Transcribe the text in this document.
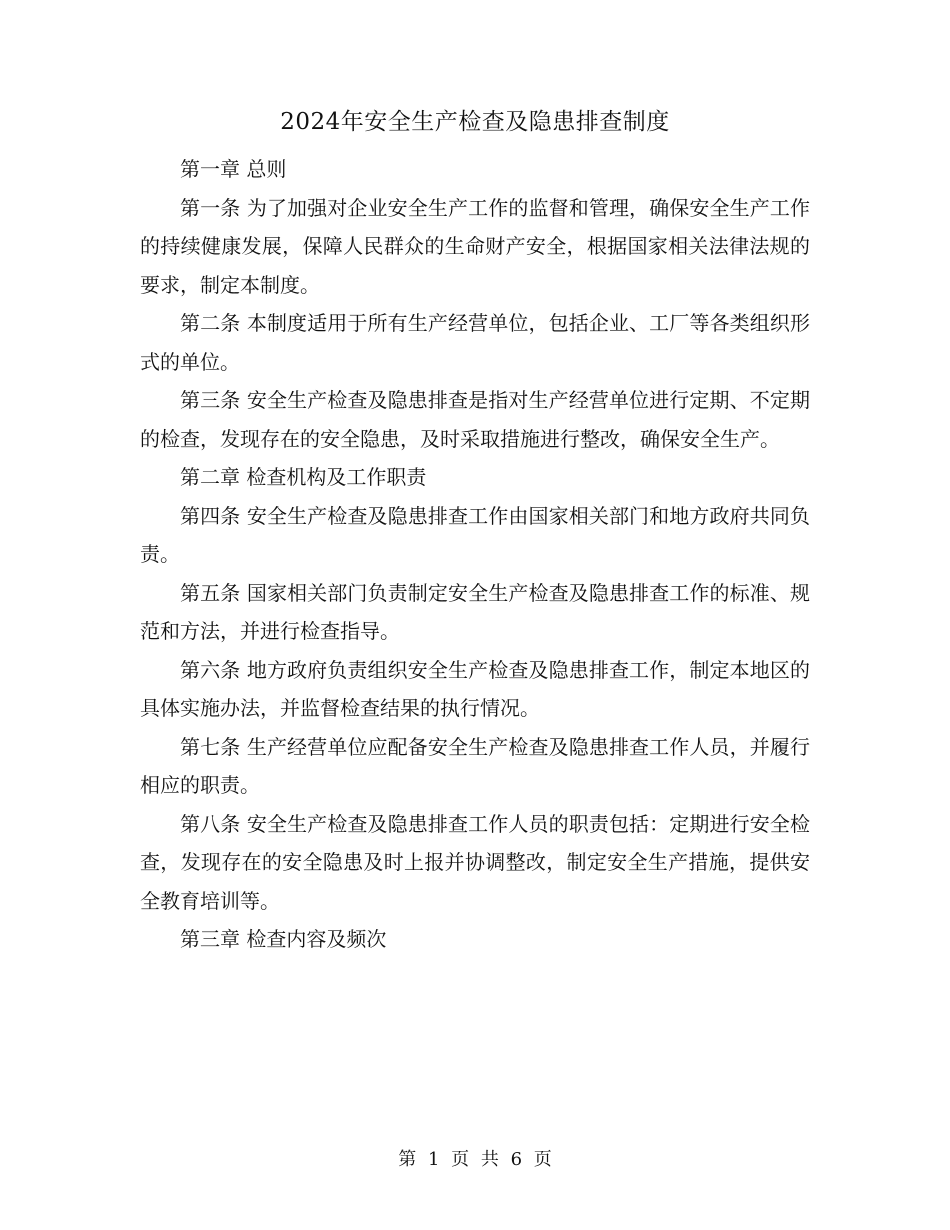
2024年安全生产检查及隐患排查制度

第一章 总则

第一条 为了加强对企业安全生产工作的监督和管理，确保安全生产工作的持续健康发展，保障人民群众的生命财产安全，根据国家相关法律法规的要求，制定本制度。

第二条 本制度适用于所有生产经营单位，包括企业、工厂等各类组织形式的单位。

第三条 安全生产检查及隐患排查是指对生产经营单位进行定期、不定期的检查，发现存在的安全隐患，及时采取措施进行整改，确保安全生产。

第二章 检查机构及工作职责

第四条 安全生产检查及隐患排查工作由国家相关部门和地方政府共同负责。

第五条 国家相关部门负责制定安全生产检查及隐患排查工作的标准、规范和方法，并进行检查指导。

第六条 地方政府负责组织安全生产检查及隐患排查工作，制定本地区的具体实施办法，并监督检查结果的执行情况。

第七条 生产经营单位应配备安全生产检查及隐患排查工作人员，并履行相应的职责。

第八条 安全生产检查及隐患排查工作人员的职责包括：定期进行安全检查，发现存在的安全隐患及时上报并协调整改，制定安全生产措施，提供安全教育培训等。

第三章 检查内容及频次

第 1 页 共 6 页
